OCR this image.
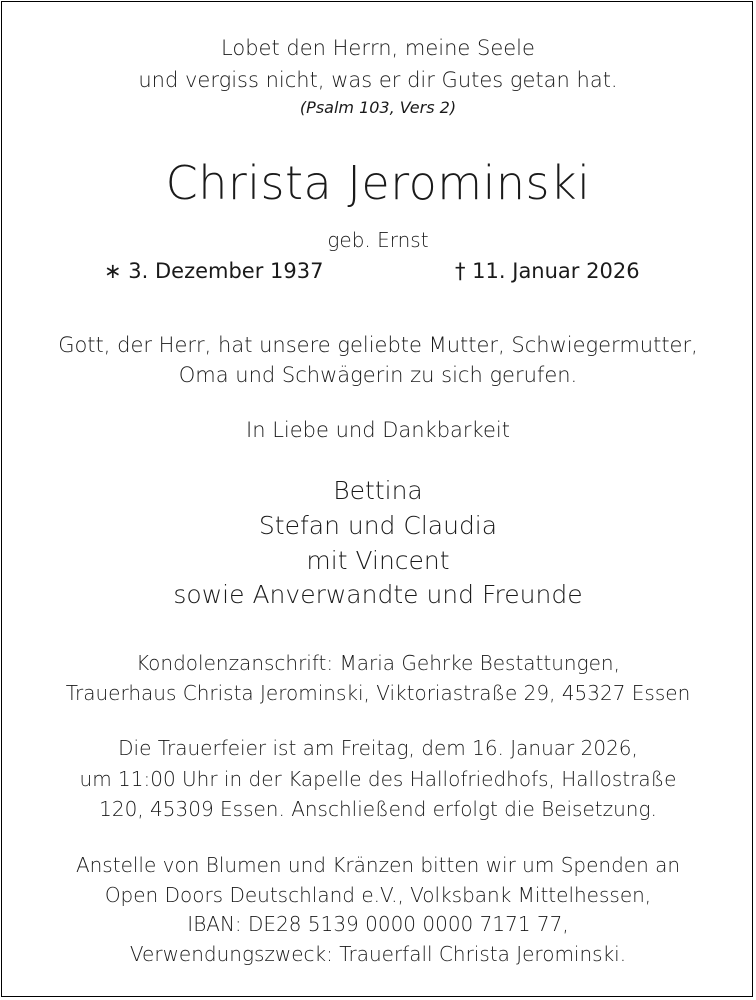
Lobet den Herrn, meine Seele
und vergiss nicht, was er dir Gutes getan hat.
(Psalm 103, Vers 2)
Christa Jerominski
geb. Ernst
∗ 3. Dezember 1937	† 11. Januar 2026
Gott, der Herr, hat unsere geliebte Mutter, Schwiegermutter,
Oma und Schwägerin zu sich gerufen.
In Liebe und Dankbarkeit
Bettina
Stefan und Claudia
mit Vincent
sowie Anverwandte und Freunde
Kondolenzanschrift: Maria Gehrke Bestattungen,
Trauerhaus Christa Jerominski, Viktoriastraße 29, 45327 Essen
Die Trauerfeier ist am Freitag, dem 16. Januar 2026,
um 11:00 Uhr in der Kapelle des Hallofriedhofs, Hallostraße
120, 45309 Essen. Anschließend erfolgt die Beisetzung.
Anstelle von Blumen und Kränzen bitten wir um Spenden an
Open Doors Deutschland e.V., Volksbank Mittelhessen,
IBAN: DE28 5139 0000 0000 7171 77,
Verwendungszweck: Trauerfall Christa Jerominski.
